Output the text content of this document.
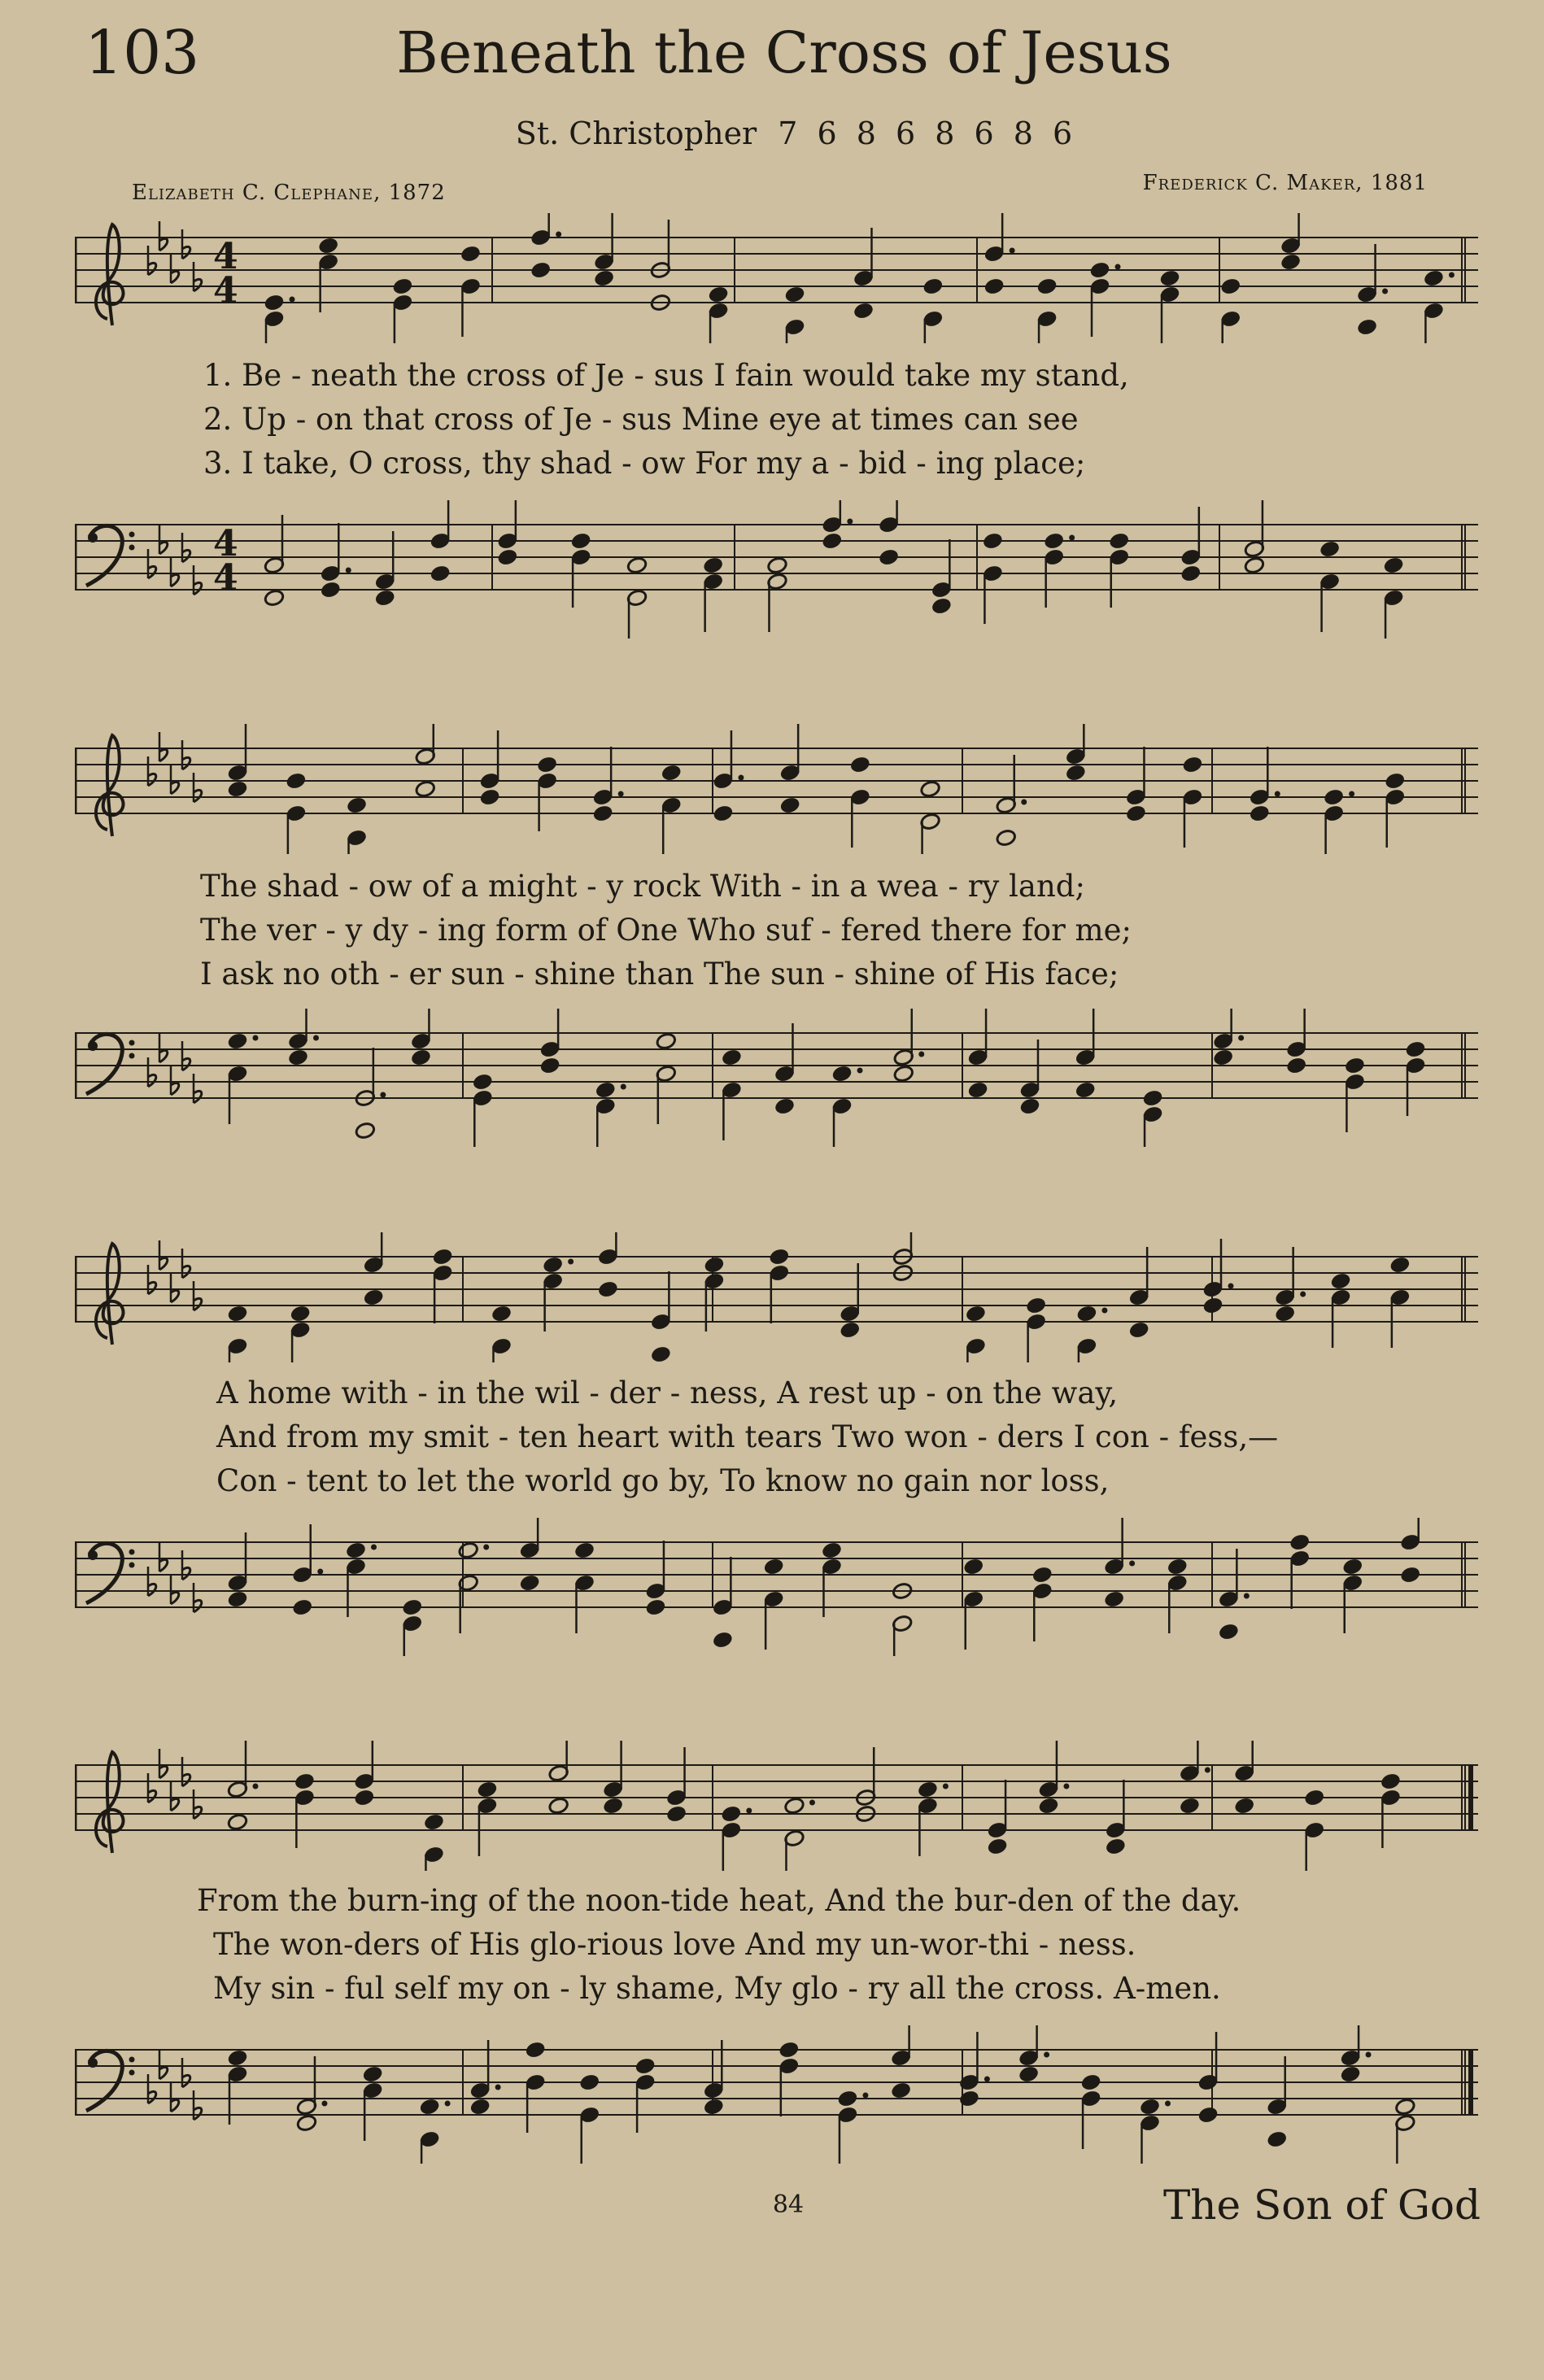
103	Beneath the Cross of Jesus
St. Christopher 7 6 8 6 8 6 8 6
Elizabeth C. Clephane, 1872	Frederick C. Maker, 1881
4
4
1. Be - neath the cross of Je - sus I fain would take my stand,
2. Up - on that cross of Je - sus Mine eye at times can see
3. I take, O cross, thy shad - ow For my a - bid - ing place;
4
4
The shad - ow of a might - y rock With - in a wea - ry land;
The ver - y dy - ing form of One Who suf - fered there for me;
I ask no oth - er sun - shine than The sun - shine of His face;
A home with - in the wil - der - ness, A rest up - on the way,
And from my smit - ten heart with tears Two won - ders I con - fess,—
Con - tent to let the world go by, To know no gain nor loss,
From the burn-ing of the noon-tide heat, And the bur-den of the day.
The won-ders of His glo-rious love And my un-wor-thi - ness.
My sin - ful self my on - ly shame, My glo - ry all the cross. A-men.
84	The Son of God
